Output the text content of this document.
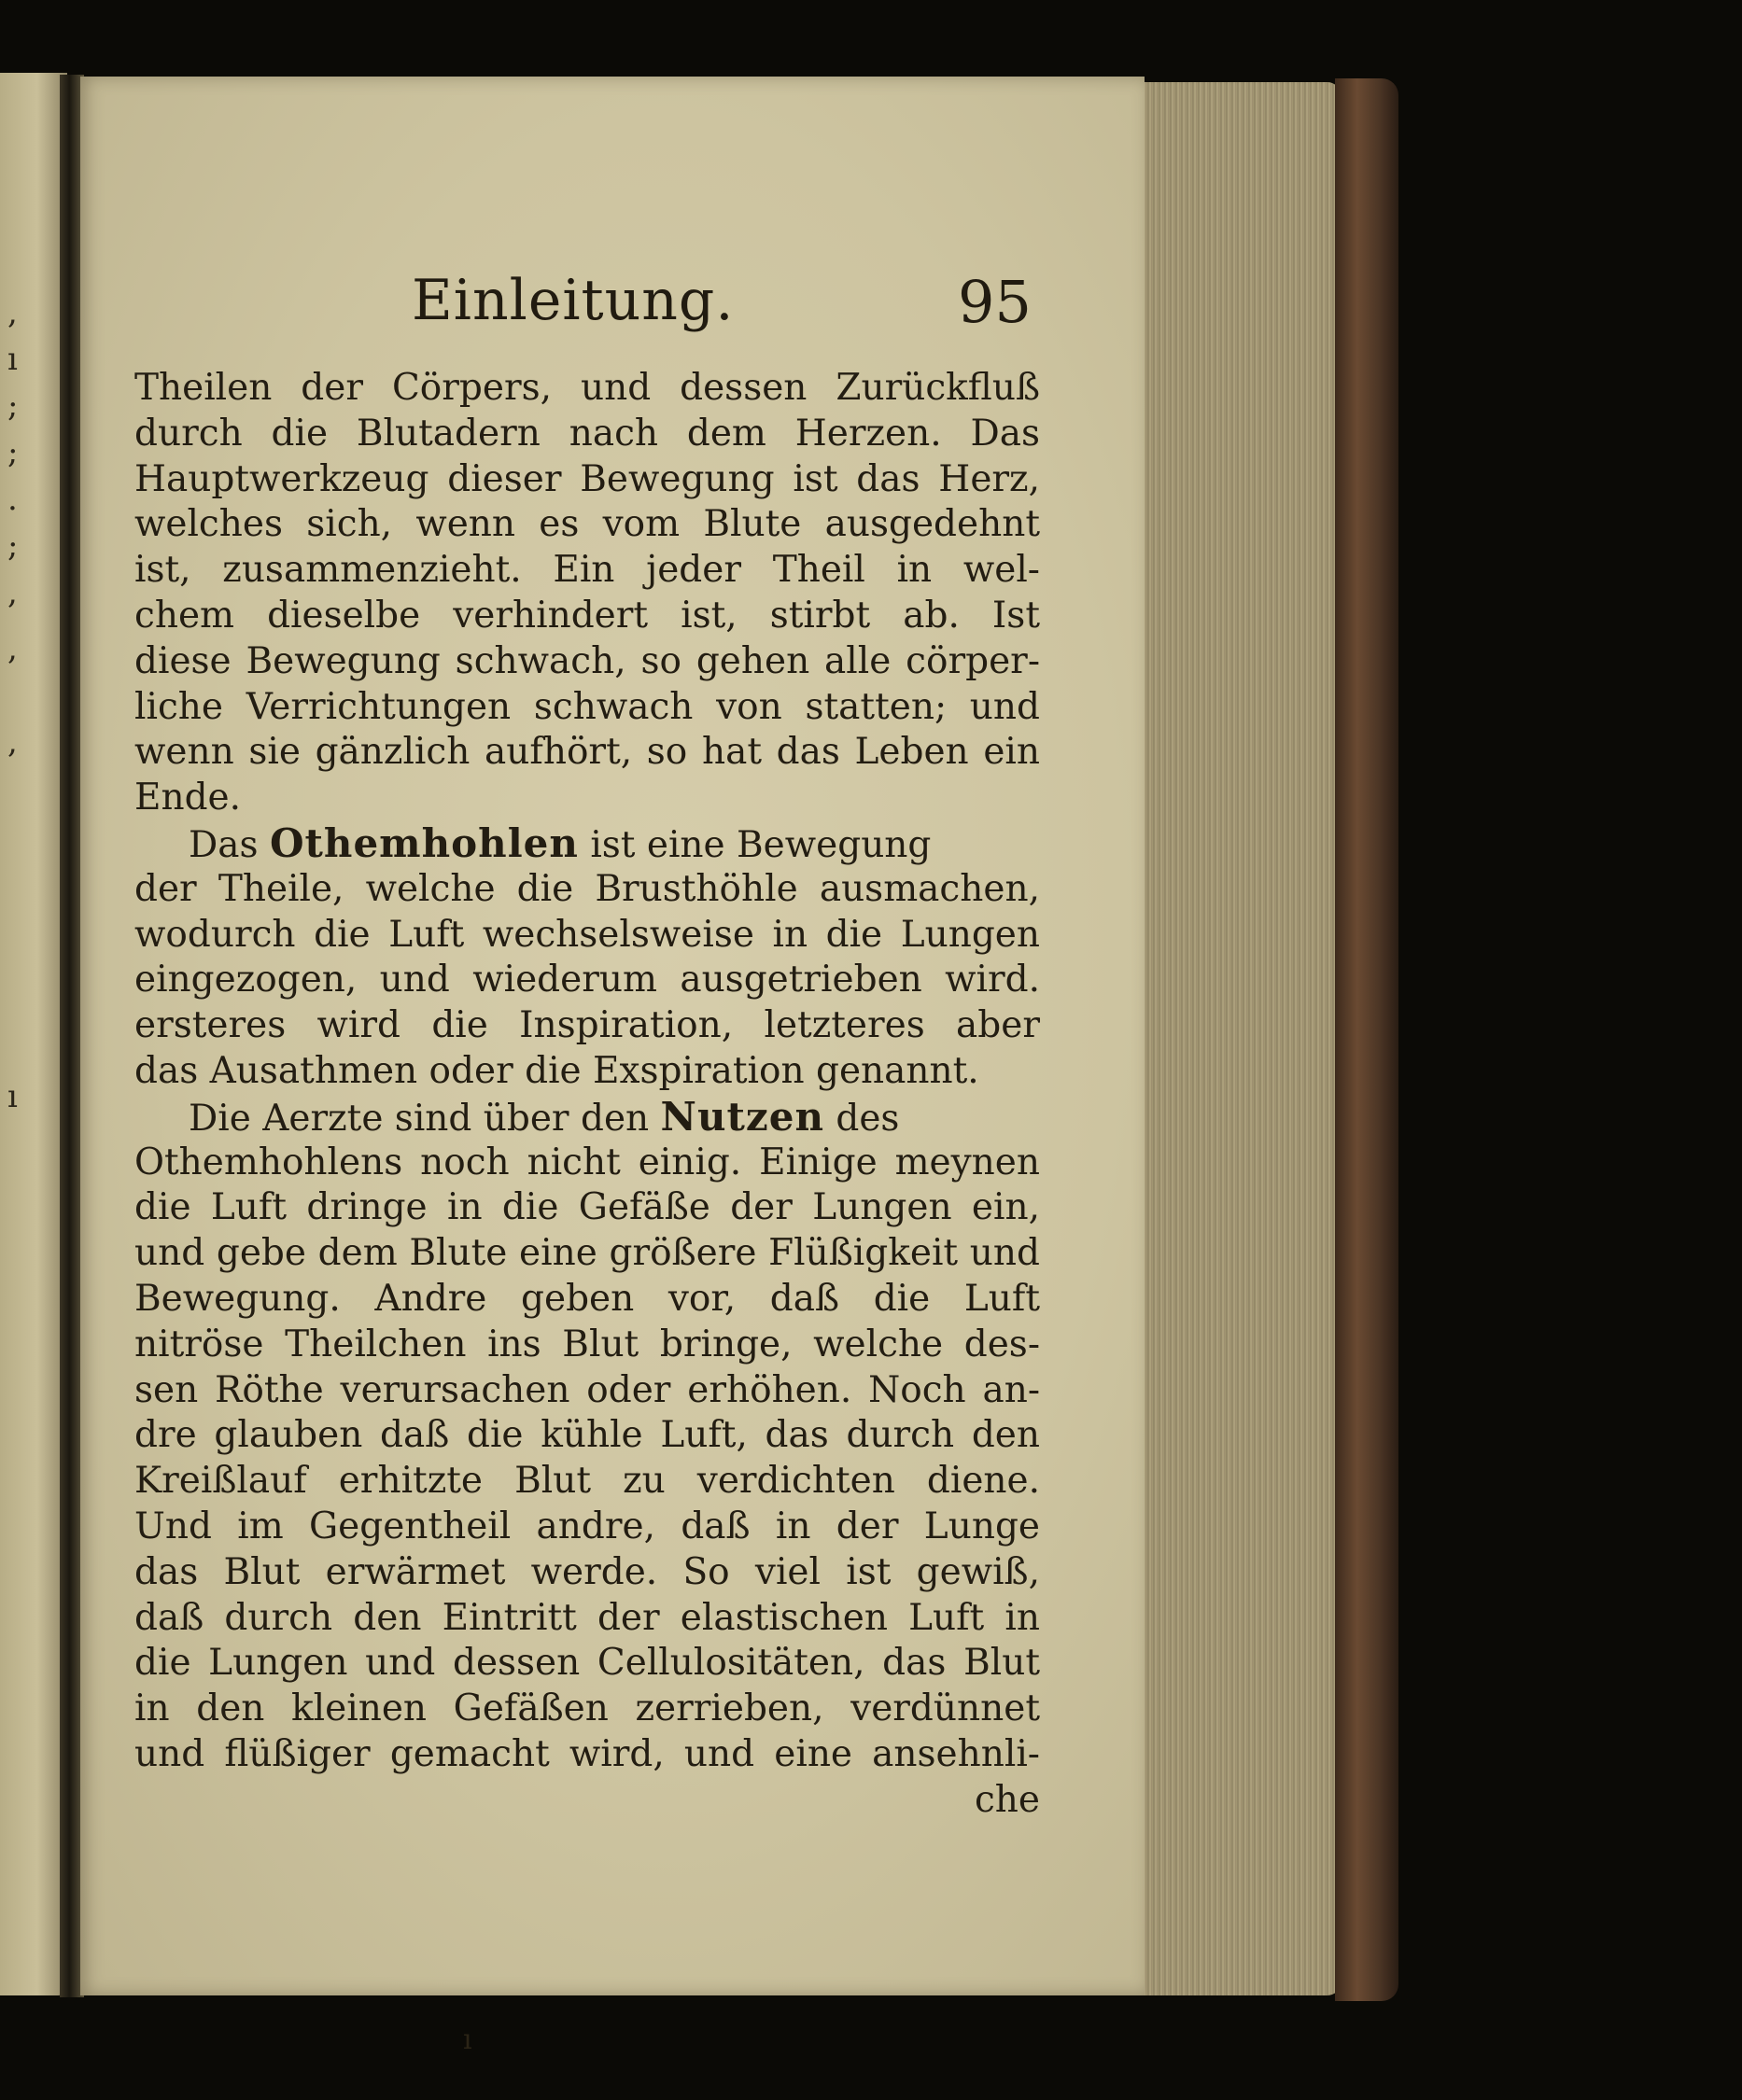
,
ı
;
;
.
;
,
,
,
ı
Einleitung.	95
Theilen der Cörpers, und dessen Zurückfluß
durch die Blutadern nach dem Herzen. Das
Hauptwerkzeug dieser Bewegung ist das Herz,
welches sich, wenn es vom Blute ausgedehnt
ist, zusammenzieht. Ein jeder Theil in wel-
chem dieselbe verhindert ist, stirbt ab. Ist
diese Bewegung schwach, so gehen alle cörper-
liche Verrichtungen schwach von statten; und
wenn sie gänzlich aufhört, so hat das Leben ein
Ende.
Das Othemhohlen ist eine Bewegung
der Theile, welche die Brusthöhle ausmachen,
wodurch die Luft wechselsweise in die Lungen
eingezogen, und wiederum ausgetrieben wird.
ersteres wird die Inspiration, letzteres aber
das Ausathmen oder die Exspiration genannt.
Die Aerzte sind über den Nutzen des
Othemhohlens noch nicht einig. Einige meynen
die Luft dringe in die Gefäße der Lungen ein,
und gebe dem Blute eine größere Flüßigkeit und
Bewegung. Andre geben vor, daß die Luft
nitröse Theilchen ins Blut bringe, welche des-
sen Röthe verursachen oder erhöhen. Noch an-
dre glauben daß die kühle Luft, das durch den
Kreißlauf erhitzte Blut zu verdichten diene.
Und im Gegentheil andre, daß in der Lunge
das Blut erwärmet werde. So viel ist gewiß,
daß durch den Eintritt der elastischen Luft in
die Lungen und dessen Cellulositäten, das Blut
in den kleinen Gefäßen zerrieben, verdünnet
und flüßiger gemacht wird, und eine ansehnli-
che
ı
